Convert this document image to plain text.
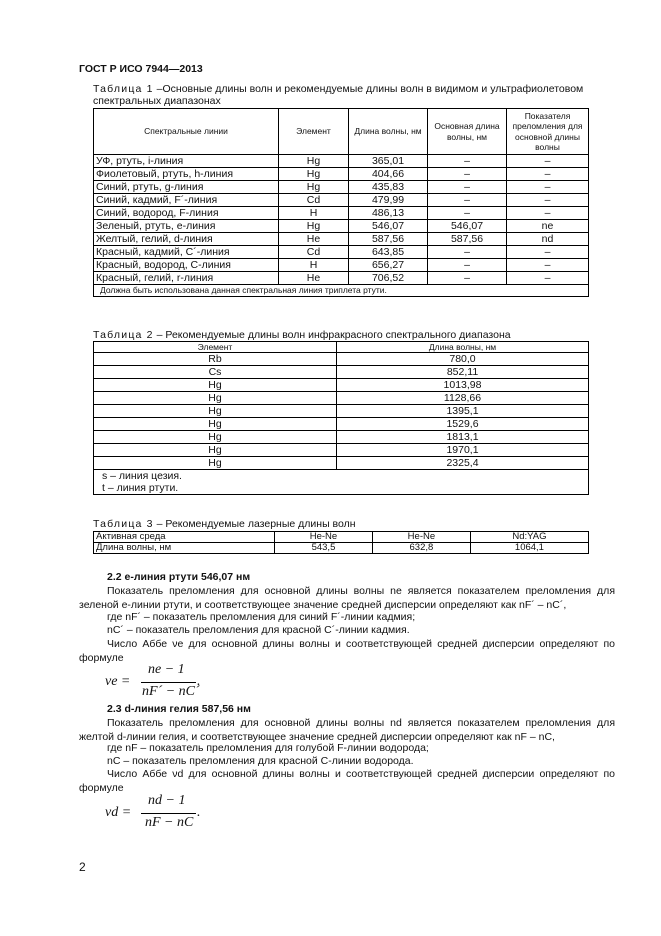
ГОСТ Р ИСО 7944—2013
Таблица 1 –Основные длины волн и рекомендуемые длины волн в видимом и ультрафиолетовом спектральных диапазонах
Спектральные линии	Элемент	Длина волны, нм	Основная длина волны, нм	Показателя преломления для основной длины волны
УФ, ртуть, i-линия	Hg	365,01	–	–
Фиолетовый, ртуть, h-линия	Hg	404,66	–	–
Синий, ртуть, g-линия	Hg	435,83	–	–
Синий, кадмий, F´-линия	Cd	479,99	–	–
Синий, водород, F-линия	H	486,13	–	–
Зеленый, ртуть, e-линия	Hg	546,07	546,07	ne
Желтый, гелий, d-линия	He	587,56	587,56	nd
Красный, кадмий, C´-линия	Cd	643,85	–	–
Красный, водород, C-линия	H	656,27	–	–
Красный, гелий, r-линия	He	706,52	–	–
Должна быть использована данная спектральная линия триплета ртути.				
Таблица 2 – Рекомендуемые длины волн инфракрасного спектрального диапазона
Элемент	Длина волны, нм
Rb	780,0
Cs	852,11
Hg	1013,98
Hg	1128,66
Hg	1395,1
Hg	1529,6
Hg	1813,1
Hg	1970,1
Hg	2325,4

s – линия цезия.
t – линия ртути.	
Таблица 3 – Рекомендуемые лазерные длины волн
Активная среда	He-Ne	He-Ne	Nd:YAG
Длина волны, нм	543,5	632,8	1064,1
2.2 e-линия ртути 546,07 нм
Показатель преломления для основной длины волны ne является показателем преломления для зеленой e-линии ртути, и соответствующее значение средней дисперсии определяют как nF´ – nC´,
где nF´ – показатель преломления для синий F´-линии кадмия;
nC´ – показатель преломления для красной C´-линии кадмия.
Число Аббе νe для основной длины волны и соответствующей средней дисперсии определяют по формуле
νe =
ne − 1
nF´ − nC´
.
2.3 d-линия гелия 587,56 нм
Показатель преломления для основной длины волны nd является показателем преломления для желтой d-линии гелия, и соответствующее значение средней дисперсии определяют как nF – nC,
где nF – показатель преломления для голубой F-линии водорода;
nC – показатель преломления для красной C-линии водорода.
Число Аббе νd для основной длины волны и соответствующей средней дисперсии определяют по формуле
νd =
nd − 1
nF − nC
.
2
